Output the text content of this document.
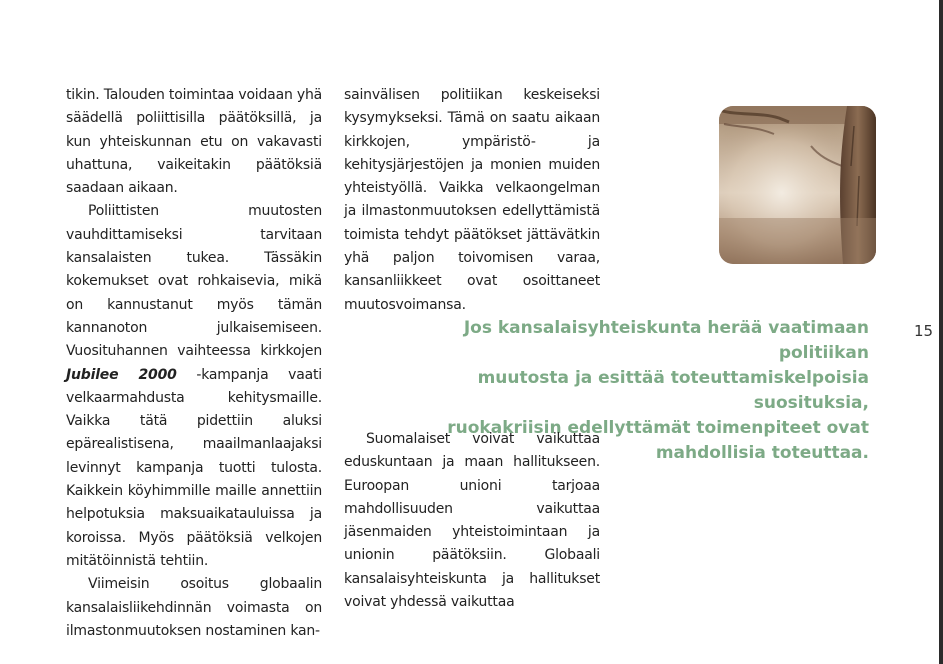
tikin. Talouden toimintaa voidaan yhä säädellä poliittisilla päätöksillä, ja kun yhteiskunnan etu on vakavasti uhattuna, vaikeitakin päätöksiä saadaan aikaan.

Poliittisten muutosten vauhdittamiseksi tarvitaan kansalaisten tukea. Tässäkin kokemukset ovat rohkaisevia, mikä on kannustanut myös tämän kannanoton julkaisemiseen. Vuosituhannen vaihteessa kirkkojen Jubilee 2000 -kampanja vaati velkaarmahdusta kehitysmaille. Vaikka tätä pidettiin aluksi epärealistisena, maailmanlaajaksi levinnyt kampanja tuotti tulosta. Kaikkein köyhimmille maille annettiin helpotuksia maksuaikatauluissa ja koroissa. Myös päätöksiä velkojen mitätöinnistä tehtiin.

Viimeisin osoitus globaalin kansalaisliikehdinnän voimasta on ilmastonmuutoksen nostaminen kan-

sainvälisen politiikan keskeiseksi kysymykseksi. Tämä on saatu aikaan kirkkojen, ympäristö- ja kehitysjärjestöjen ja monien muiden yhteistyöllä. Vaikka velkaongelman ja ilmastonmuutoksen edellyttämistä toimista tehdyt päätökset jättävätkin yhä paljon toivomisen varaa, kansanliikkeet ovat osoittaneet muutosvoimansa.

Jos kansalaisyhteiskunta herää vaatimaan politiikan
muutosta ja esittää toteuttamiskelpoisia suosituksia,
ruokakriisin edellyttämät toimenpiteet ovat
mahdollisia toteuttaa.

15

Suomalaiset voivat vaikuttaa eduskuntaan ja maan hallitukseen. Euroopan unioni tarjoaa mahdollisuuden vaikuttaa jäsenmaiden yhteistoimintaan ja unionin päätöksiin. Globaali kansalaisyhteiskunta ja hallitukset voivat yhdessä vaikuttaa
